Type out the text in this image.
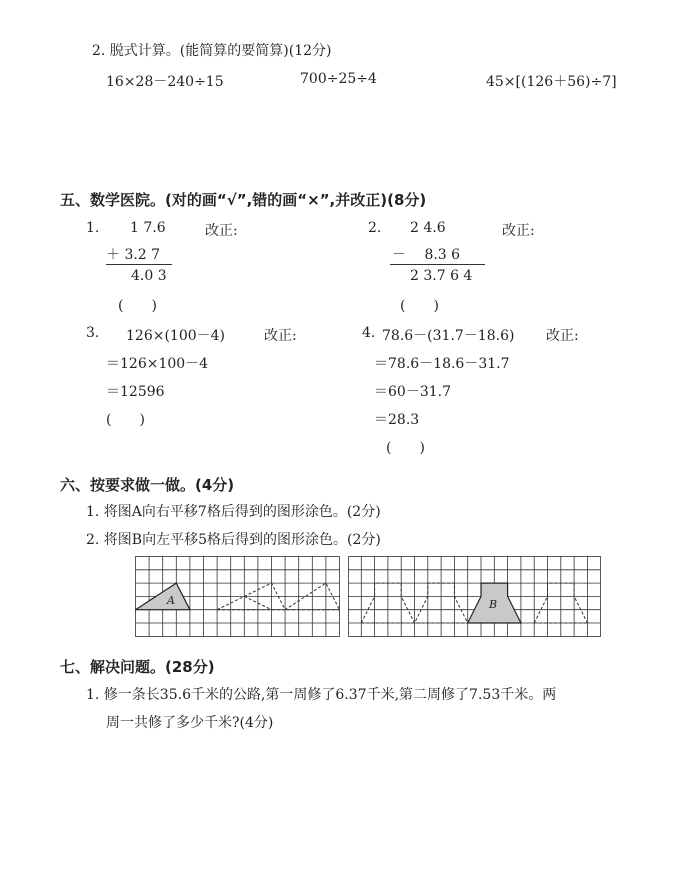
2. 脱式计算。(能简算的要简算)(12分)
16×28－240÷15	700÷25÷4	45×[(126＋56)÷7]
五、数学医院。(对的画“√”,错的画“×”,并改正)(8分)
1. 1 7.6	改正:
＋ 3.2 7
4.0 3
(　　)
2. 2 4.6	改正:
－　 8.3 6
2 3.7 6 4
(　　)
3. 126×(100－4)	改正:
＝126×100－4
＝12596
(　　)
4. 78.6－(31.7－18.6) 改正:
＝78.6－18.6－31.7
＝60－31.7
＝28.3
(　　)
六、按要求做一做。(4分)
1. 将图A向右平移7格后得到的图形涂色。(2分)
2. 将图B向左平移5格后得到的图形涂色。(2分)
A	B
七、解决问题。(28分)
1. 修一条长35.6千米的公路,第一周修了6.37千米,第二周修了7.53千米。两
周一共修了多少千米?(4分)
